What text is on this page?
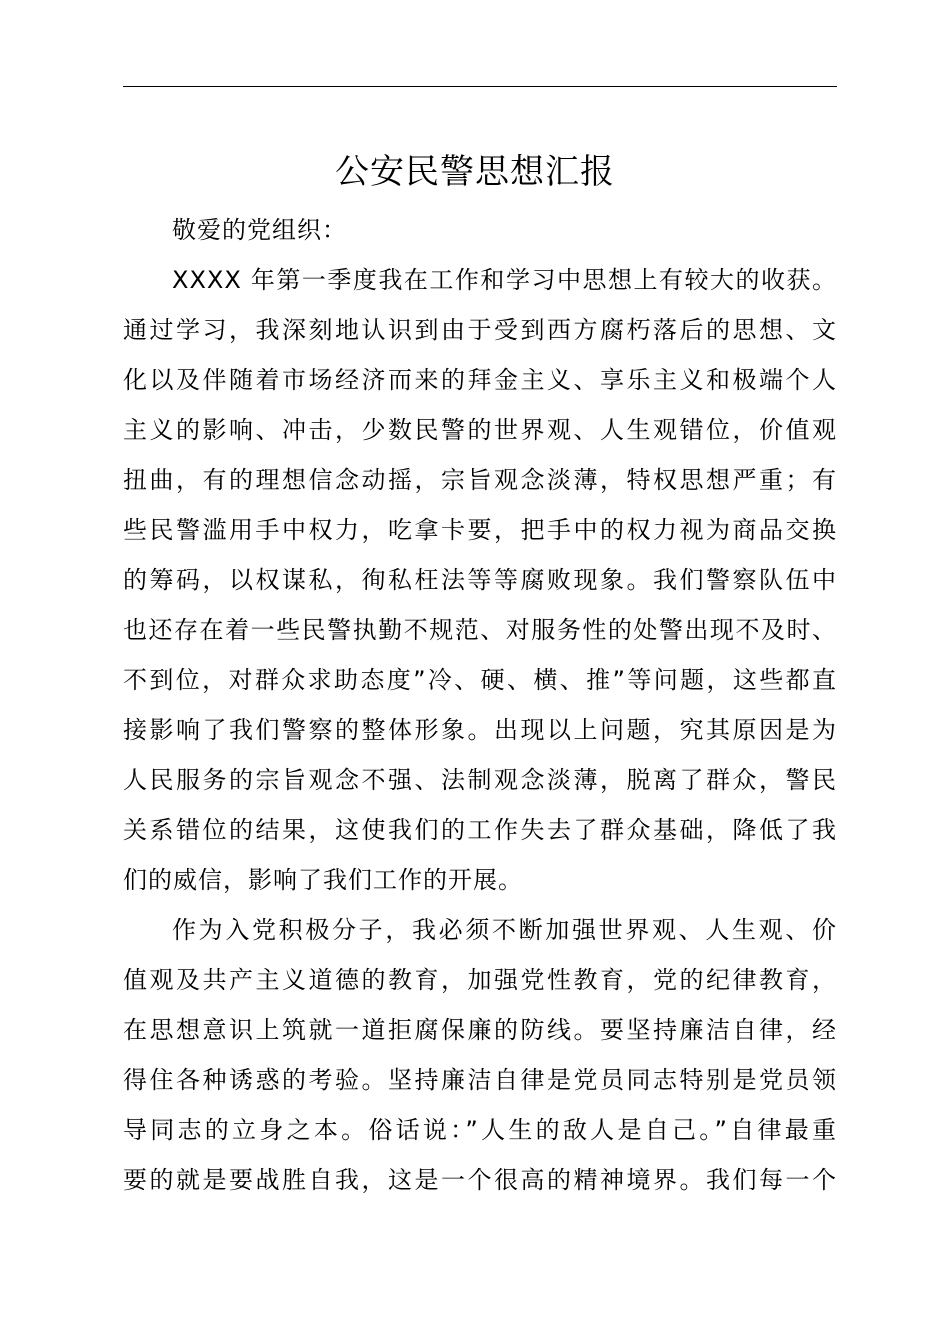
公安民警思想汇报

敬爱的党组织：

XXXX 年第一季度我在工作和学习中思想上有较大的收获。
通过学习，我深刻地认识到由于受到西方腐朽落后的思想、文
化以及伴随着市场经济而来的拜金主义、享乐主义和极端个人
主义的影响、冲击，少数民警的世界观、人生观错位，价值观
扭曲，有的理想信念动摇，宗旨观念淡薄，特权思想严重；有
些民警滥用手中权力，吃拿卡要，把手中的权力视为商品交换
的筹码，以权谋私，徇私枉法等等腐败现象。我们警察队伍中
也还存在着一些民警执勤不规范、对服务性的处警出现不及时、
不到位，对群众求助态度”冷、硬、横、推”等问题，这些都直
接影响了我们警察的整体形象。出现以上问题，究其原因是为
人民服务的宗旨观念不强、法制观念淡薄，脱离了群众，警民
关系错位的结果，这使我们的工作失去了群众基础，降低了我
们的威信，影响了我们工作的开展。
作为入党积极分子，我必须不断加强世界观、人生观、价
值观及共产主义道德的教育，加强党性教育，党的纪律教育，
在思想意识上筑就一道拒腐保廉的防线。要坚持廉洁自律，经
得住各种诱惑的考验。坚持廉洁自律是党员同志特别是党员领
导同志的立身之本。俗话说：”人生的敌人是自己。”自律最重
要的就是要战胜自我，这是一个很高的精神境界。我们每一个
